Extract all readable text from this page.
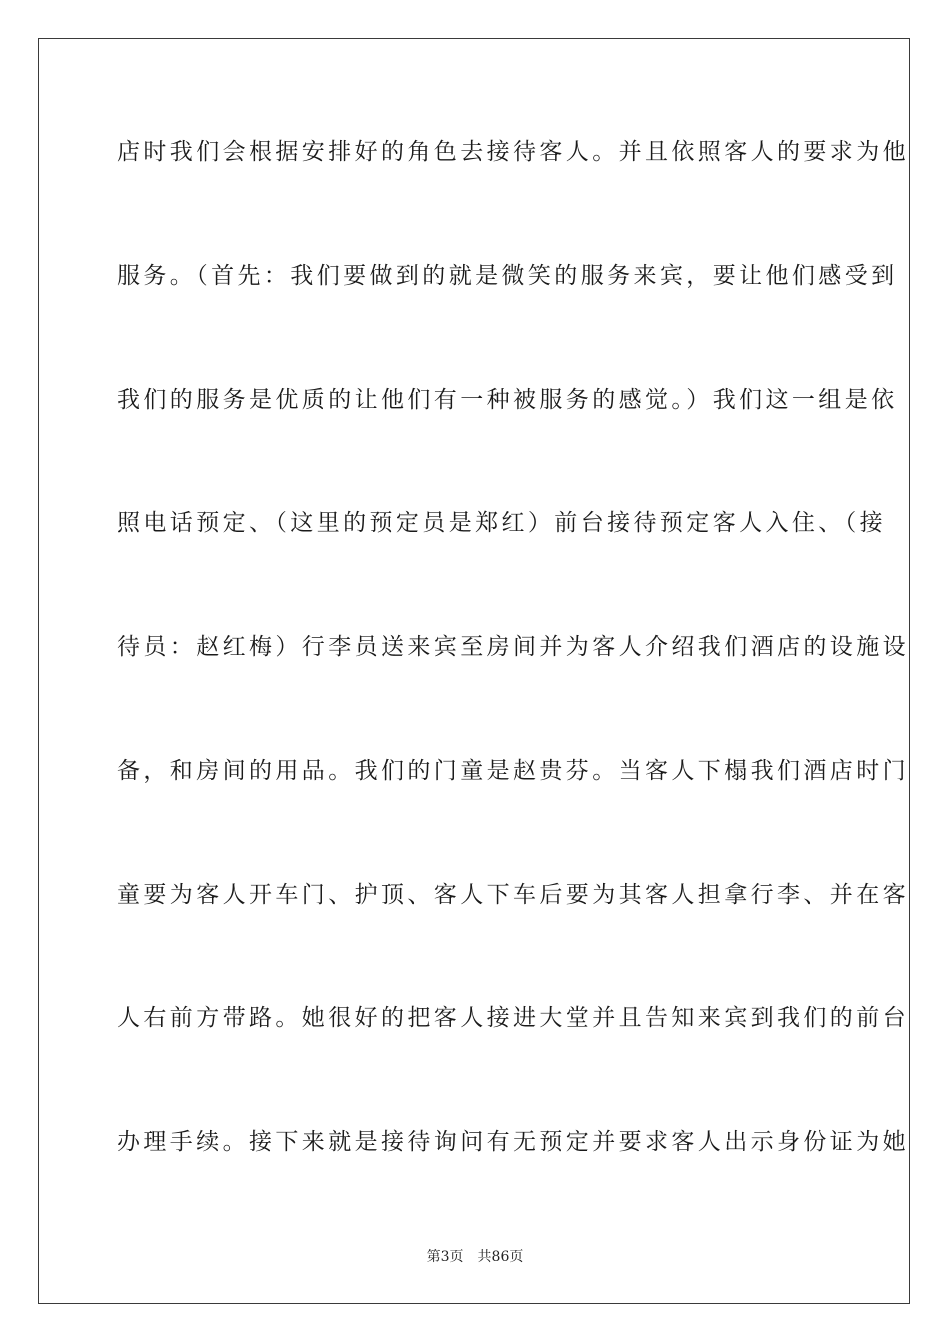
店时我们会根据安排好的角色去接待客人。并且依照客人的要求为他
服务。（首先：我们要做到的就是微笑的服务来宾，要让他们感受到
我们的服务是优质的让他们有一种被服务的感觉。）我们这一组是依
照电话预定、（这里的预定员是郑红）前台接待预定客人入住、（接
待员：赵红梅）行李员送来宾至房间并为客人介绍我们酒店的设施设
备，和房间的用品。我们的门童是赵贵芬。当客人下榻我们酒店时门
童要为客人开车门、护顶、客人下车后要为其客人担拿行李、并在客
人右前方带路。她很好的把客人接进大堂并且告知来宾到我们的前台
办理手续。接下来就是接待询问有无预定并要求客人出示身份证为她
第3页 共86页
